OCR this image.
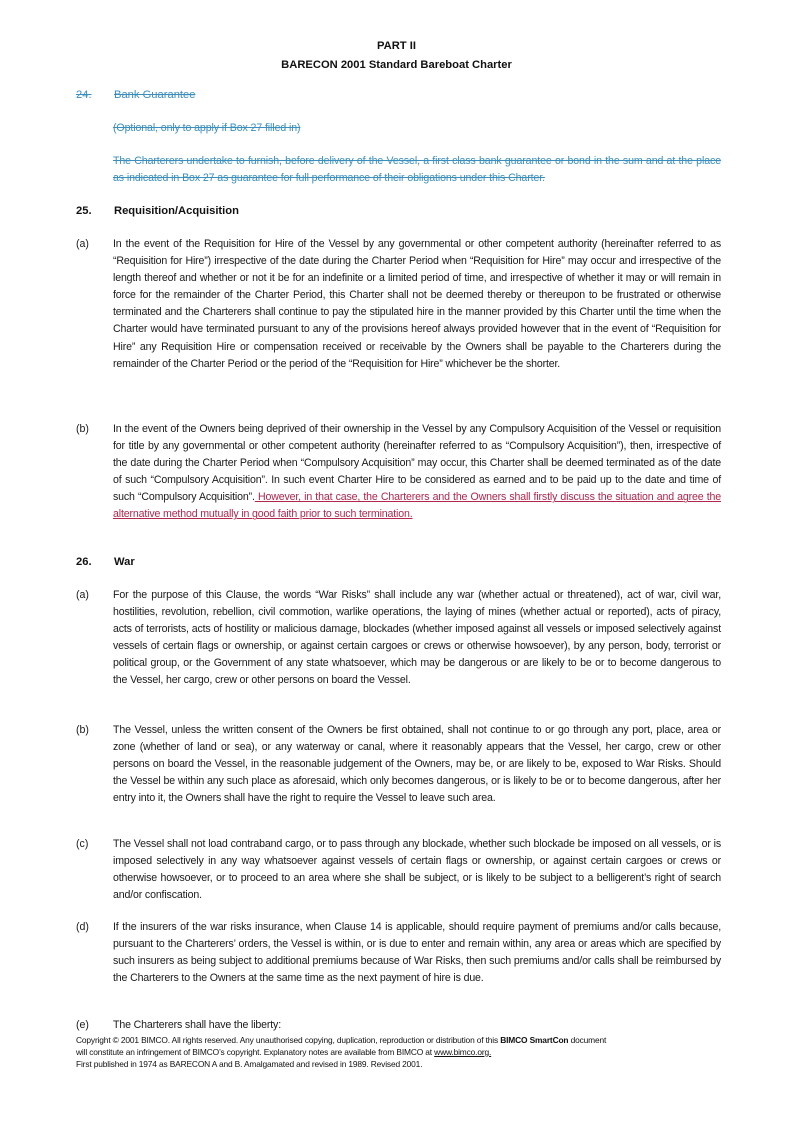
PART II
BARECON 2001 Standard Bareboat Charter
24. Bank Guarantee
(Optional, only to apply if Box 27 filled in)
The Charterers undertake to furnish, before delivery of the Vessel, a first class bank guarantee or bond in the sum and at the place as indicated in Box 27 as guarantee for full performance of their obligations under this Charter.
25. Requisition/Acquisition
(a)	In the event of the Requisition for Hire of the Vessel by any governmental or other competent authority (hereinafter referred to as “Requisition for Hire”) irrespective of the date during the Charter Period when “Requisition for Hire” may occur and irrespective of the length thereof and whether or not it be for an indefinite or a limited period of time, and irrespective of whether it may or will remain in force for the remainder of the Charter Period, this Charter shall not be deemed thereby or thereupon to be frustrated or otherwise terminated and the Charterers shall continue to pay the stipulated hire in the manner provided by this Charter until the time when the Charter would have terminated pursuant to any of the provisions hereof always provided however that in the event of “Requisition for Hire” any Requisition Hire or compensation received or receivable by the Owners shall be payable to the Charterers during the remainder of the Charter Period or the period of the “Requisition for Hire” whichever be the shorter.
(b)	In the event of the Owners being deprived of their ownership in the Vessel by any Compulsory Acquisition of the Vessel or requisition for title by any governmental or other competent authority (hereinafter referred to as “Compulsory Acquisition”), then, irrespective of the date during the Charter Period when “Compulsory Acquisition” may occur, this Charter shall be deemed terminated as of the date of such “Compulsory Acquisition”. In such event Charter Hire to be considered as earned and to be paid up to the date and time of such “Compulsory Acquisition”. However, in that case, the Charterers and the Owners shall firstly discuss the situation and agree the alternative method mutually in good faith prior to such termination.
26. War
(a)	For the purpose of this Clause, the words “War Risks” shall include any war (whether actual or threatened), act of war, civil war, hostilities, revolution, rebellion, civil commotion, warlike operations, the laying of mines (whether actual or reported), acts of piracy, acts of terrorists, acts of hostility or malicious damage, blockades (whether imposed against all vessels or imposed selectively against vessels of certain flags or ownership, or against certain cargoes or crews or otherwise howsoever), by any person, body, terrorist or political group, or the Government of any state whatsoever, which may be dangerous or are likely to be or to become dangerous to the Vessel, her cargo, crew or other persons on board the Vessel.
(b)	The Vessel, unless the written consent of the Owners be first obtained, shall not continue to or go through any port, place, area or zone (whether of land or sea), or any waterway or canal, where it reasonably appears that the Vessel, her cargo, crew or other persons on board the Vessel, in the reasonable judgement of the Owners, may be, or are likely to be, exposed to War Risks. Should the Vessel be within any such place as aforesaid, which only becomes dangerous, or is likely to be or to become dangerous, after her entry into it, the Owners shall have the right to require the Vessel to leave such area.
(c)	The Vessel shall not load contraband cargo, or to pass through any blockade, whether such blockade be imposed on all vessels, or is imposed selectively in any way whatsoever against vessels of certain flags or ownership, or against certain cargoes or crews or otherwise howsoever, or to proceed to an area where she shall be subject, or is likely to be subject to a belligerent’s right of search and/or confiscation.
(d)	If the insurers of the war risks insurance, when Clause 14 is applicable, should require payment of premiums and/or calls because, pursuant to the Charterers’ orders, the Vessel is within, or is due to enter and remain within, any area or areas which are specified by such insurers as being subject to additional premiums because of War Risks, then such premiums and/or calls shall be reimbursed by the Charterers to the Owners at the same time as the next payment of hire is due.
(e)	The Charterers shall have the liberty:
Copyright © 2001 BIMCO. All rights reserved. Any unauthorised copying, duplication, reproduction or distribution of this BIMCO SmartCon document
will constitute an infringement of BIMCO’s copyright. Explanatory notes are available from BIMCO at www.bimco.org.
First published in 1974 as BARECON A and B. Amalgamated and revised in 1989. Revised 2001.
